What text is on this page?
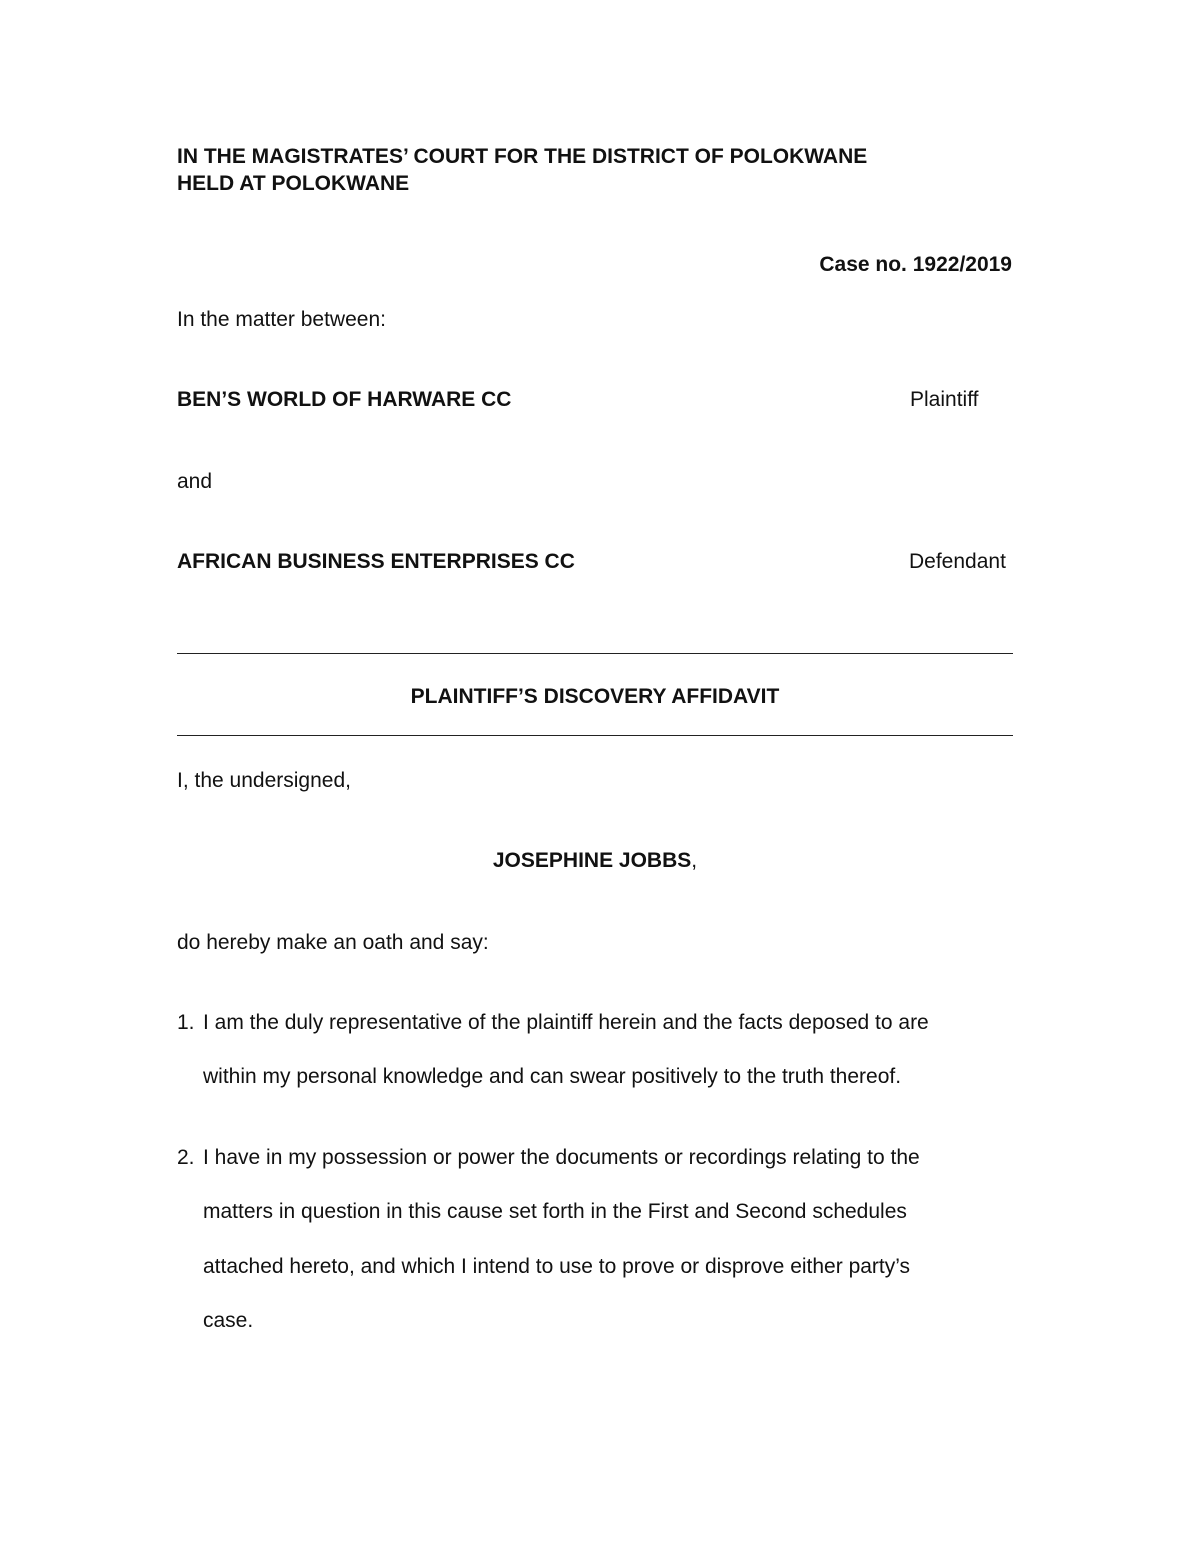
IN THE MAGISTRATES’ COURT FOR THE DISTRICT OF POLOKWANE

HELD AT POLOKWANE

Case no. 1922/2019

In the matter between:

BEN’S WORLD OF HARWARE CC	Plaintiff

and

AFRICAN BUSINESS ENTERPRISES CC	Defendant

PLAINTIFF’S DISCOVERY AFFIDAVIT

I, the undersigned,

JOSEPHINE JOBBS,

do hereby make an oath and say:

1. I am the duly representative of the plaintiff herein and the facts deposed to are

within my personal knowledge and can swear positively to the truth thereof.

2. I have in my possession or power the documents or recordings relating to the

matters in question in this cause set forth in the First and Second schedules

attached hereto, and which I intend to use to prove or disprove either party’s

case.
